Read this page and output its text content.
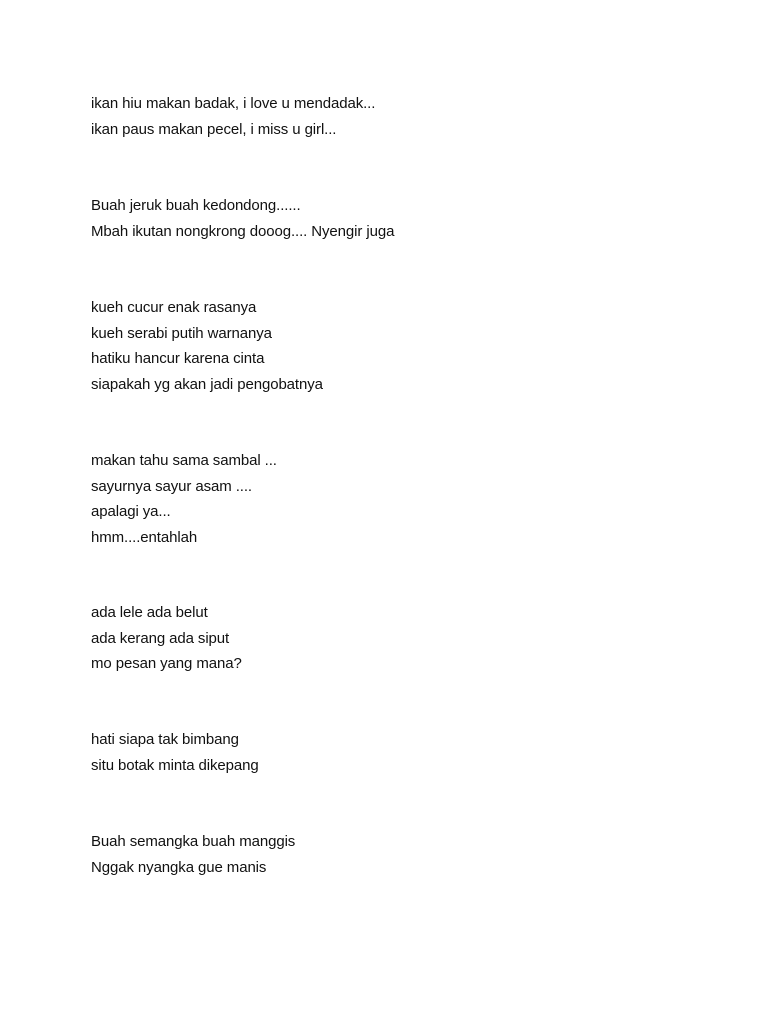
ikan hiu makan badak, i love u mendadak...
ikan paus makan pecel, i miss u girl...
Buah jeruk buah kedondong......
Mbah ikutan nongkrong dooog.... Nyengir juga
kueh cucur enak rasanya
kueh serabi putih warnanya
hatiku hancur karena cinta
siapakah yg akan jadi pengobatnya
makan tahu sama sambal ...
sayurnya sayur asam ....
apalagi ya...
hmm....entahlah
ada lele ada belut
ada kerang ada siput
mo pesan yang mana?
hati siapa tak bimbang
situ botak minta dikepang
Buah semangka buah manggis
Nggak nyangka gue manis
